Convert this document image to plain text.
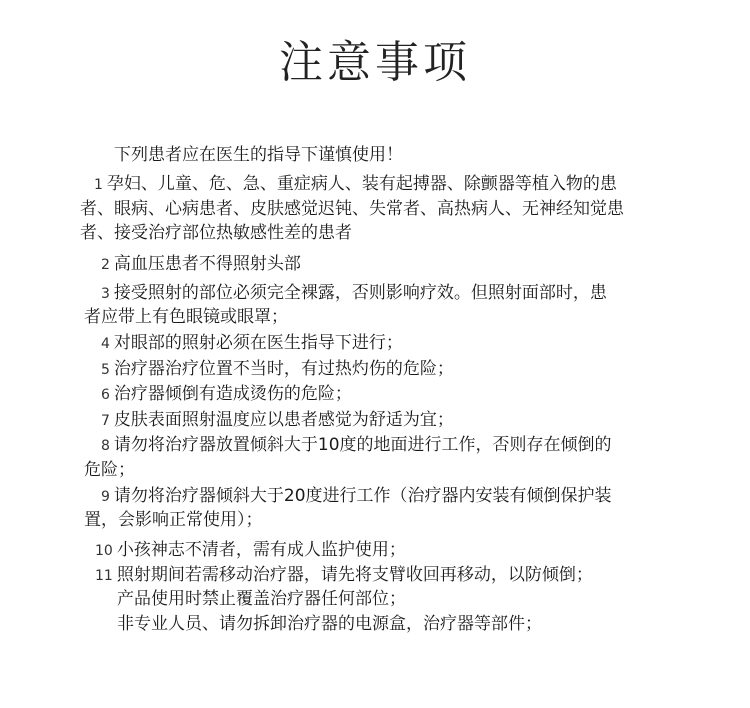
注意事项
下列患者应在医生的指导下谨慎使用！
1 孕妇、儿童、危、急、重症病人、装有起搏器、除颤器等植入物的患
者、眼病、心病患者、皮肤感觉迟钝、失常者、高热病人、无神经知觉患
者、接受治疗部位热敏感性差的患者
2 高血压患者不得照射头部
3 接受照射的部位必须完全裸露，否则影响疗效。但照射面部时，患
者应带上有色眼镜或眼罩；
4 对眼部的照射必须在医生指导下进行；
5 治疗器治疗位置不当时，有过热灼伤的危险；
6 治疗器倾倒有造成烫伤的危险；
7 皮肤表面照射温度应以患者感觉为舒适为宜；
8 请勿将治疗器放置倾斜大于10度的地面进行工作，否则存在倾倒的
危险；
9 请勿将治疗器倾斜大于20度进行工作（治疗器内安装有倾倒保护装
置，会影响正常使用）；
10 小孩神志不清者，需有成人监护使用；
11 照射期间若需移动治疗器，请先将支臂收回再移动，以防倾倒；
产品使用时禁止覆盖治疗器任何部位；
非专业人员、请勿拆卸治疗器的电源盒，治疗器等部件；
